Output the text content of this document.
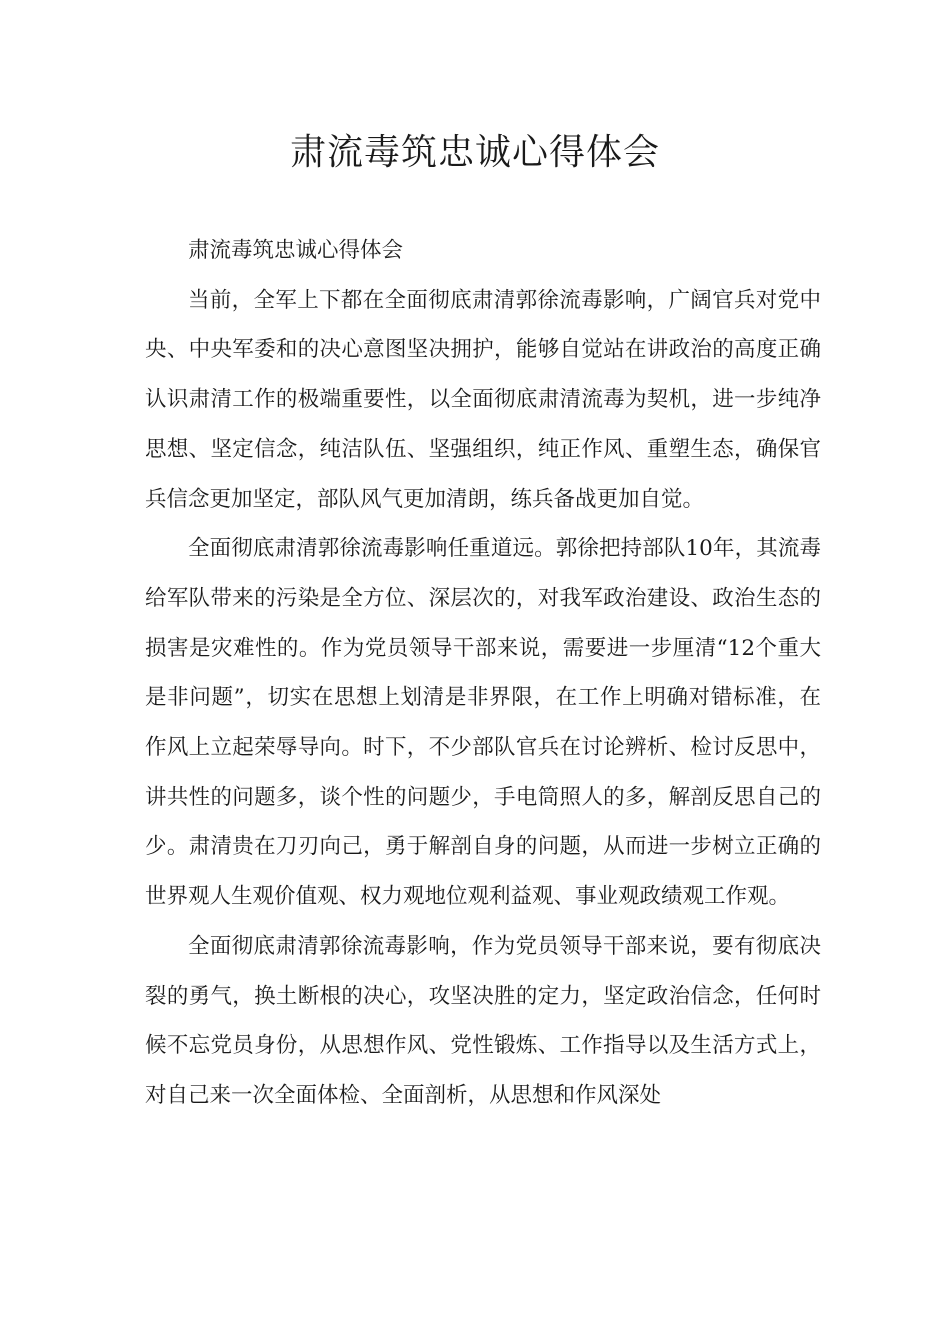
肃流毒筑忠诚心得体会

肃流毒筑忠诚心得体会

当前，全军上下都在全面彻底肃清郭徐流毒影响，广阔官兵对党中央、中央军委和的决心意图坚决拥护，能够自觉站在讲政治的高度正确认识肃清工作的极端重要性，以全面彻底肃清流毒为契机，进一步纯净思想、坚定信念，纯洁队伍、坚强组织，纯正作风、重塑生态，确保官兵信念更加坚定，部队风气更加清朗，练兵备战更加自觉。

全面彻底肃清郭徐流毒影响任重道远。郭徐把持部队10年，其流毒给军队带来的污染是全方位、深层次的，对我军政治建设、政治生态的损害是灾难性的。作为党员领导干部来说，需要进一步厘清“12个重大是非问题”，切实在思想上划清是非界限，在工作上明确对错标准，在作风上立起荣辱导向。时下，不少部队官兵在讨论辨析、检讨反思中，讲共性的问题多，谈个性的问题少，手电筒照人的多，解剖反思自己的少。肃清贵在刀刃向己，勇于解剖自身的问题，从而进一步树立正确的世界观人生观价值观、权力观地位观利益观、事业观政绩观工作观。

全面彻底肃清郭徐流毒影响，作为党员领导干部来说，要有彻底决裂的勇气，换土断根的决心，攻坚决胜的定力，坚定政治信念，任何时候不忘党员身份，从思想作风、党性锻炼、工作指导以及生活方式上，对自己来一次全面体检、全面剖析，从思想和作风深处
